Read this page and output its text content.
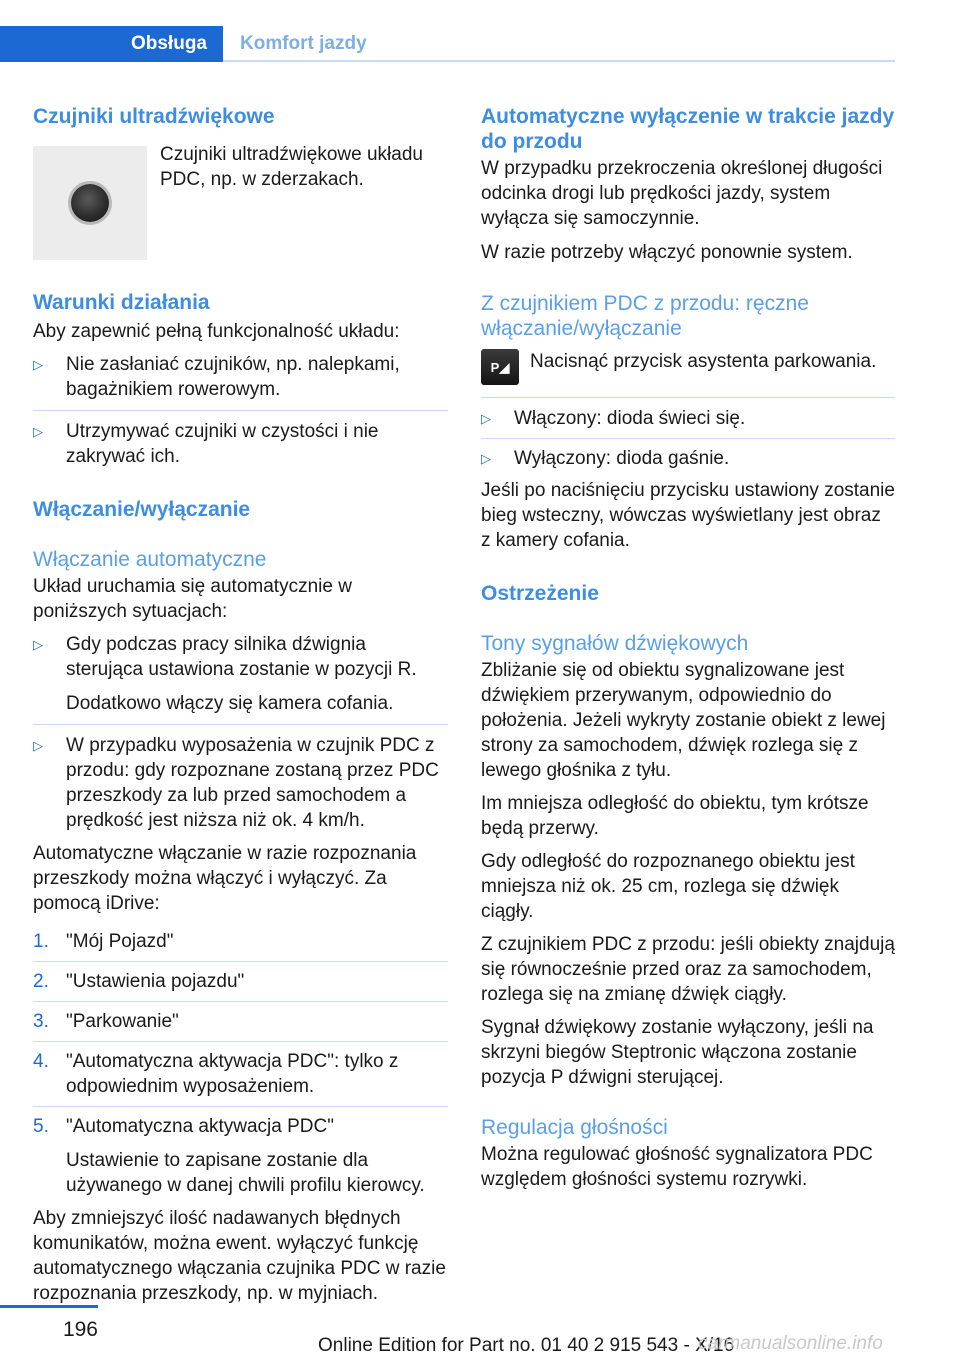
Obsługa	Komfort jazdy
Czujniki ultradźwiękowe

Czujniki ultradźwiękowe układu PDC, np. w zderzakach.

Warunki działania

Aby zapewnić pełną funkcjonalność układu:

▷ Nie zasłaniać czujników, np. nalepkami, bagażnikiem rowerowym.
▷ Utrzymywać czujniki w czystości i nie zakrywać ich.
Włączanie/wyłączanie
Włączanie automatyczne

Układ uruchamia się automatycznie w poniższych sytuacjach:

▷ Gdy podczas pracy silnika dźwignia sterująca ustawiona zostanie w pozycji R.

Dodatkowo włączy się kamera cofania.

▷ W przypadku wyposażenia w czujnik PDC z przodu: gdy rozpoznane zostaną przez PDC przeszkody za lub przed samochodem a prędkość jest niższa niż ok. 4 km/h.

Automatyczne włączanie w razie rozpoznania przeszkody można włączyć i wyłączyć. Za pomocą iDrive:

1. "Mój Pojazd"
2. "Ustawienia pojazdu"
3. "Parkowanie"
4. "Automatyczna aktywacja PDC": tylko z odpowiednim wyposażeniem.
5. "Automatyczna aktywacja PDC"

Ustawienie to zapisane zostanie dla używanego w danej chwili profilu kierowcy.

Aby zmniejszyć ilość nadawanych błędnych komunikatów, można ewent. wyłączyć funkcję automatycznego włączania czujnika PDC w razie rozpoznania przeszkody, np. w myjniach.

Automatyczne wyłączenie w trakcie jazdy do przodu

W przypadku przekroczenia określonej długości odcinka drogi lub prędkości jazdy, system wyłącza się samoczynnie.

W razie potrzeby włączyć ponownie system.

Z czujnikiem PDC z przodu: ręczne włączanie/wyłączanie
P◢	Nacisnąć przycisk asystenta parkowania.

▷ Włączony: dioda świeci się.
▷ Wyłączony: dioda gaśnie.

Jeśli po naciśnięciu przycisku ustawiony zostanie bieg wsteczny, wówczas wyświetlany jest obraz z kamery cofania.

Ostrzeżenie
Tony sygnałów dźwiękowych

Zbliżanie się od obiektu sygnalizowane jest dźwiękiem przerywanym, odpowiednio do położenia. Jeżeli wykryty zostanie obiekt z lewej strony za samochodem, dźwięk rozlega się z lewego głośnika z tyłu.

Im mniejsza odległość do obiektu, tym krótsze będą przerwy.

Gdy odległość do rozpoznanego obiektu jest mniejsza niż ok. 25 cm, rozlega się dźwięk ciągły.

Z czujnikiem PDC z przodu: jeśli obiekty znajdują się równocześnie przed oraz za samochodem, rozlega się na zmianę dźwięk ciągły.

Sygnał dźwiękowy zostanie wyłączony, jeśli na skrzyni biegów Steptronic włączona zostanie pozycja P dźwigni sterującej.

Regulacja głośności

Można regulować głośność sygnalizatora PDC względem głośności systemu rozrywki.

196
Online Edition for Part no. 01 40 2 915 543 - X/16
carmanualsonline.info
